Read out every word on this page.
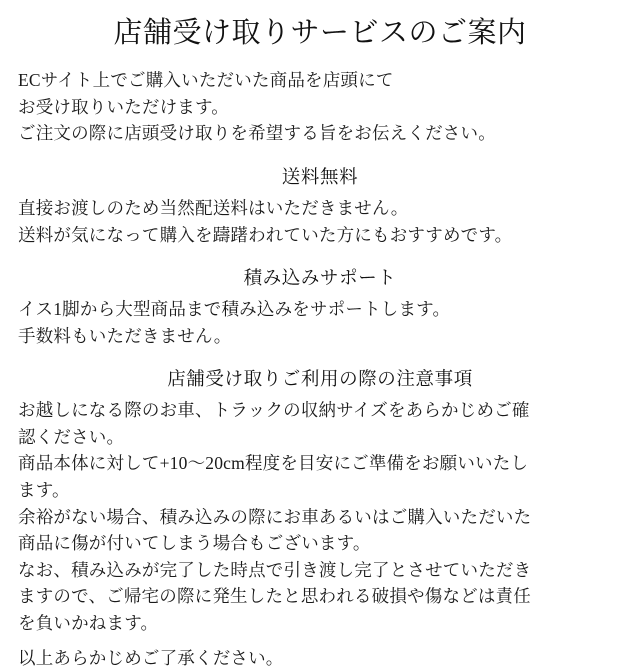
店舗受け取りサービスのご案内

ECサイト上でご購入いただいた商品を店頭にて
お受け取りいただけます。
ご注文の際に店頭受け取りを希望する旨をお伝えください。

送料無料

直接お渡しのため当然配送料はいただきません。
送料が気になって購入を躊躇われていた方にもおすすめです。

積み込みサポート

イス1脚から大型商品まで積み込みをサポートします。
手数料もいただきません。

店舗受け取りご利用の際の注意事項

お越しになる際のお車、トラックの収納サイズをあらかじめご確
認ください。
商品本体に対して+10〜20cm程度を目安にご準備をお願いいたし
ます。
余裕がない場合、積み込みの際にお車あるいはご購入いただいた
商品に傷が付いてしまう場合もございます。
なお、積み込みが完了した時点で引き渡し完了とさせていただき
ますので、ご帰宅の際に発生したと思われる破損や傷などは責任
を負いかねます。

以上あらかじめご了承ください。
